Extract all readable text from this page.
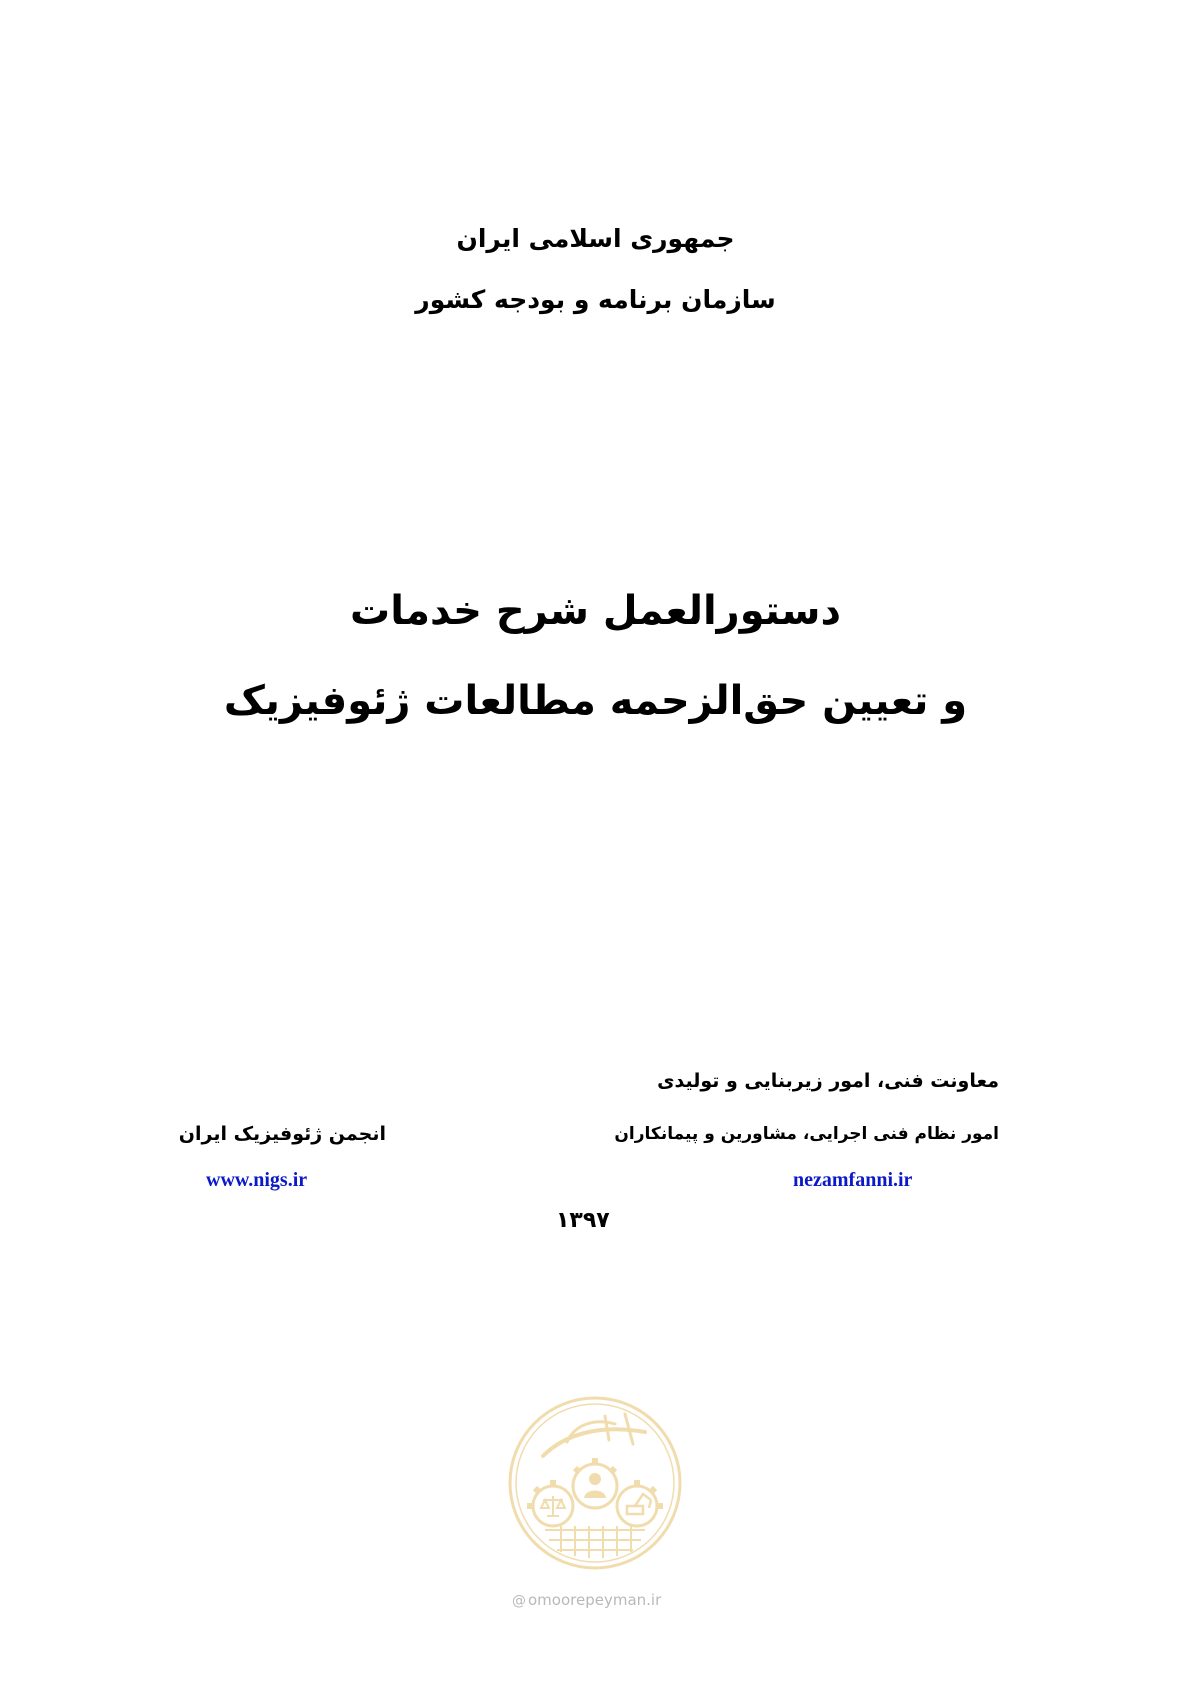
جمهوری اسلامی ایران
سازمان برنامه و بودجه کشور
دستورالعمل شرح خدمات
و تعیین حق‌الزحمه مطالعات ژئوفیزیک
معاونت فنی، امور زیربنایی و تولیدی
امور نظام فنی اجرایی، مشاورین و پیمانکاران
انجمن ژئوفیزیک ایران
www.nigs.ir	nezamfanni.ir
۱۳۹۷
@ omoorepeyman.ir
